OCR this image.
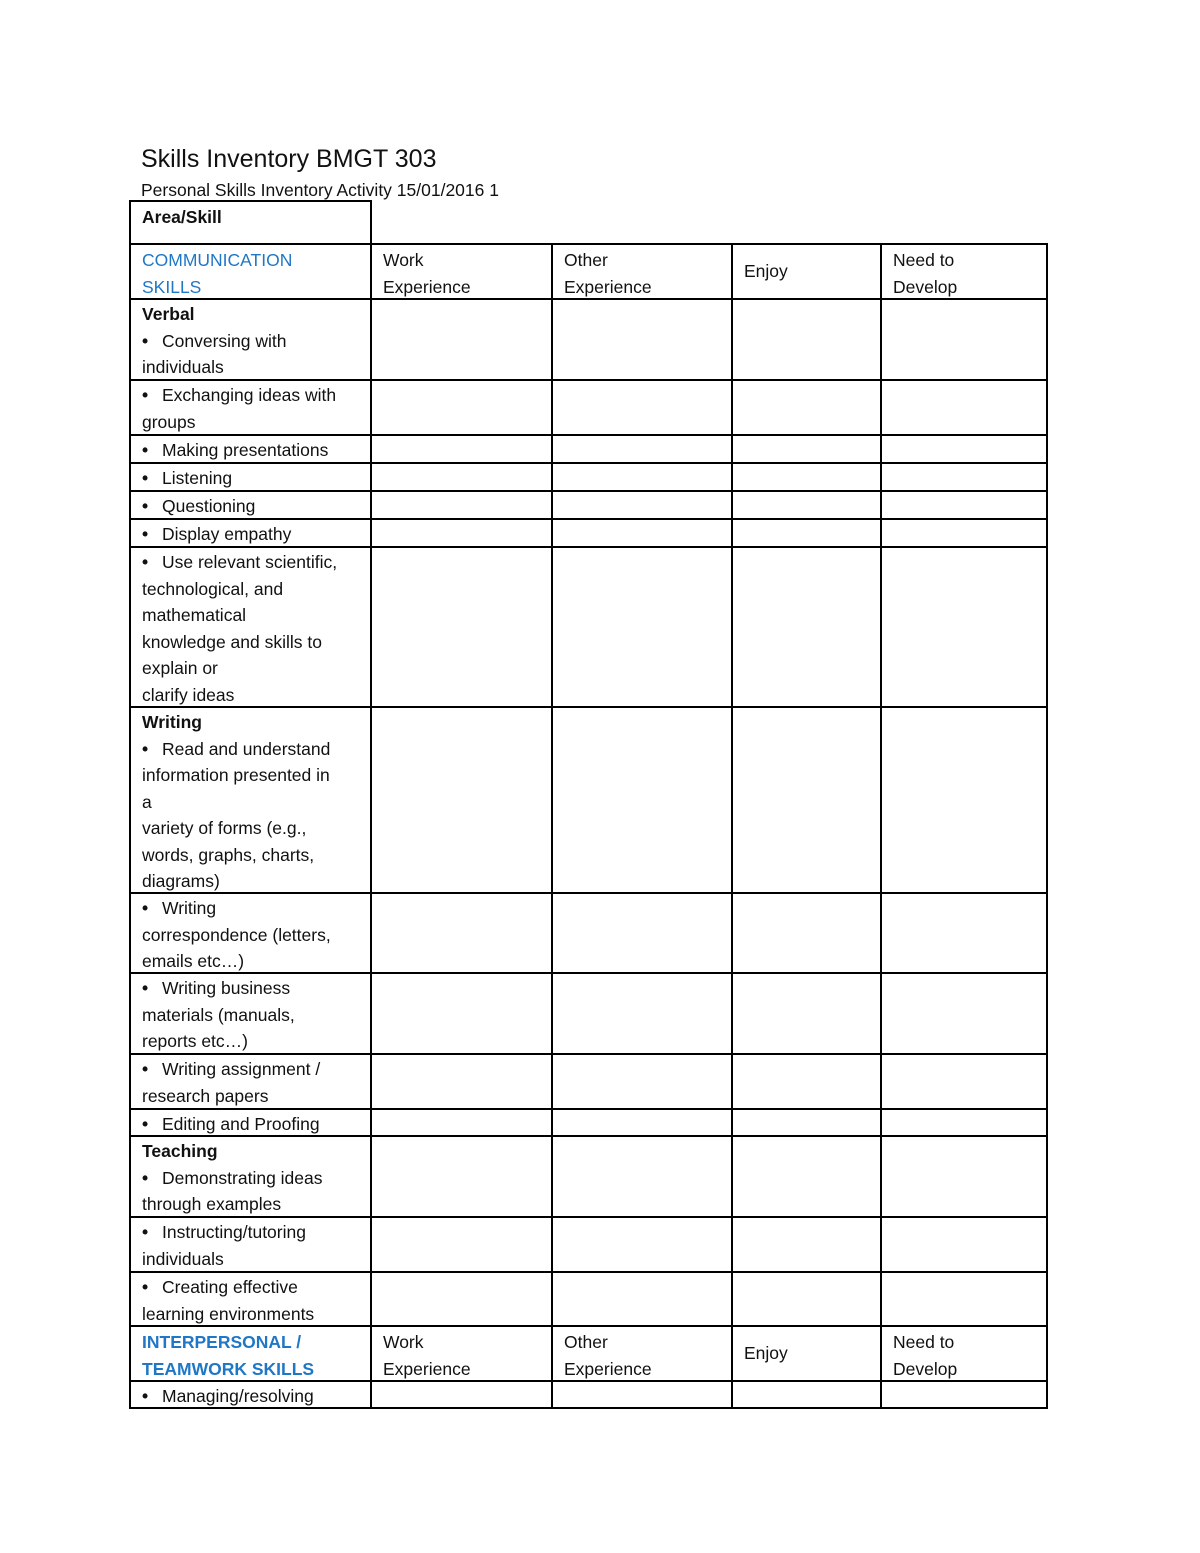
Skills Inventory BMGT 303
Personal Skills Inventory Activity 15/01/2016 1
Area/Skill
COMMUNICATION
SKILLS
Work
Experience
Other
Experience
Enjoy
Need to
Develop
Verbal
• Conversing with
individuals
• Exchanging ideas with
groups
• Making presentations
• Listening
• Questioning
• Display empathy
• Use relevant scientific,
technological, and
mathematical
knowledge and skills to
explain or
clarify ideas
Writing
• Read and understand
information presented in
a
variety of forms (e.g.,
words, graphs, charts,
diagrams)
• Writing
correspondence (letters,
emails etc…)
• Writing business
materials (manuals,
reports etc…)
• Writing assignment /
research papers
• Editing and Proofing
Teaching
• Demonstrating ideas
through examples
• Instructing/tutoring
individuals
• Creating effective
learning environments
INTERPERSONAL /
TEAMWORK SKILLS
Work
Experience
Other
Experience
Enjoy
Need to
Develop
• Managing/resolving
